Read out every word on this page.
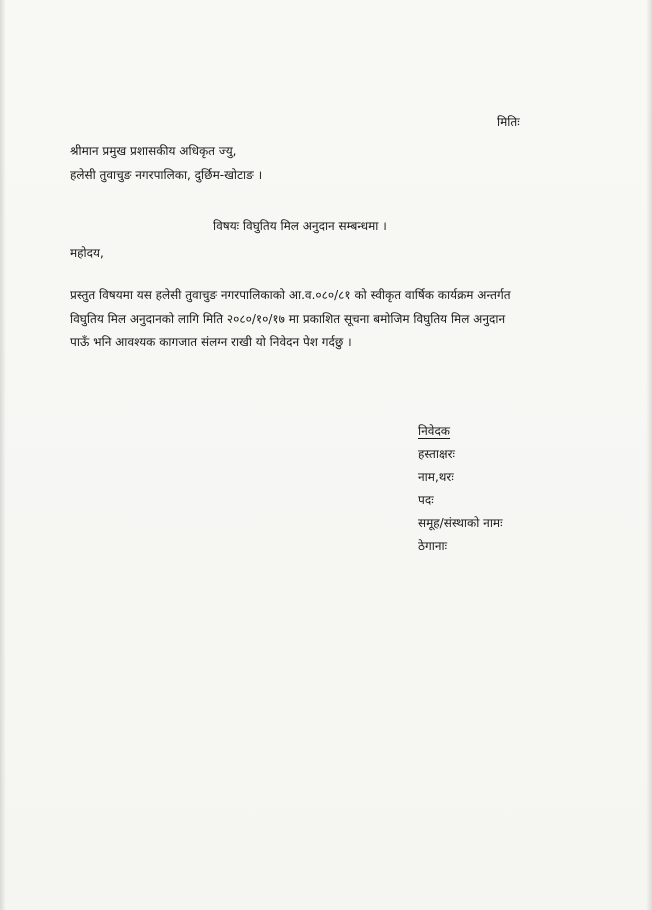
मितिः
श्रीमान प्रमुख प्रशासकीय अधिकृत ज्यु,
हलेसी तुवाचुङ नगरपालिका, दुर्छिम-खोटाङ ।
विषयः विघुतिय मिल अनुदान सम्बन्धमा ।
महोदय,
प्रस्तुत विषयमा यस हलेसी तुवाचुङ नगरपालिकाको आ.व.०८०/८१ को स्वीकृत वार्षिक कार्यक्रम अन्तर्गत
विघुतिय मिल अनुदानको लागि मिति २०८०/१०/१७ मा प्रकाशित सूचना बमोजिम विघुतिय मिल अनुदान
पाऊँ भनि आवश्यक कागजात संलग्न राखी यो निवेदन पेश गर्दछु ।
निवेदक
हस्ताक्षरः
नाम,थरः
पदः
समूह/संस्थाको नामः
ठेगानाः
